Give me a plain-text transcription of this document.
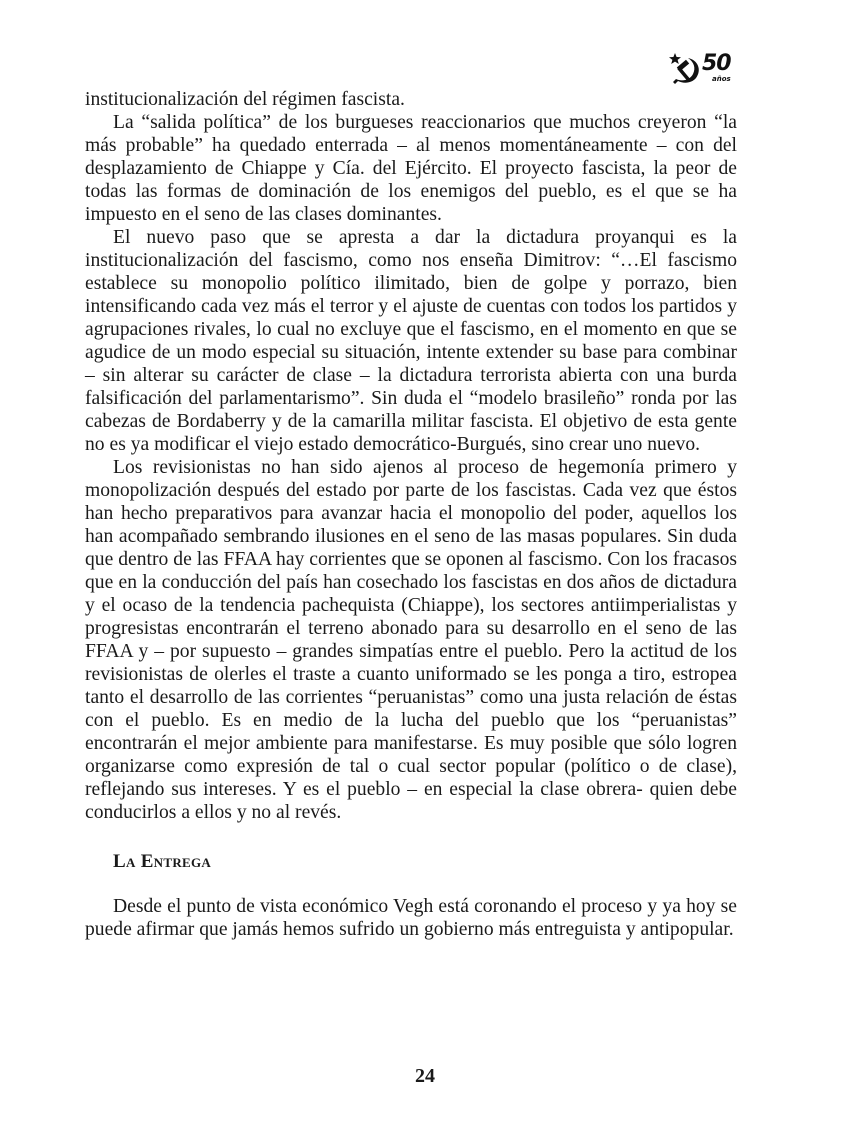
50
años

institucionalización del régimen fascista.

La “salida política” de los burgueses reaccionarios que muchos creyeron “la más probable” ha quedado enterrada – al menos momentáneamente – con del desplazamiento de Chiappe y Cía. del Ejército. El proyecto fascista, la peor de todas las formas de dominación de los enemigos del pueblo, es el que se ha impuesto en el seno de las clases dominantes.

El nuevo paso que se apresta a dar la dictadura proyanqui es la institucionalización del fascismo, como nos enseña Dimitrov: “…El fascismo establece su monopolio político ilimitado, bien de golpe y porrazo, bien intensificando cada vez más el terror y el ajuste de cuentas con todos los partidos y agrupaciones rivales, lo cual no excluye que el fascismo, en el momento en que se agudice de un modo especial su situación, intente extender su base para combinar – sin alterar su carácter de clase – la dictadura terrorista abierta con una burda falsificación del parlamentarismo”. Sin duda el “modelo brasileño” ronda por las cabezas de Bordaberry y de la camarilla militar fascista. El objetivo de esta gente no es ya modificar el viejo estado democrático-Burgués, sino crear uno nuevo.

Los revisionistas no han sido ajenos al proceso de hegemonía primero y monopolización después del estado por parte de los fascistas. Cada vez que éstos han hecho preparativos para avanzar hacia el monopolio del poder, aquellos los han acompañado sembrando ilusiones en el seno de las masas populares. Sin duda que dentro de las FFAA hay corrientes que se oponen al fascismo. Con los fracasos que en la conducción del país han cosechado los fascistas en dos años de dictadura y el ocaso de la tendencia pachequista (Chiappe), los sectores antiimperialistas y progresistas encontrarán el terreno abonado para su desarrollo en el seno de las FFAA y – por supuesto – grandes simpatías entre el pueblo. Pero la actitud de los revisionistas de olerles el traste a cuanto uniformado se les ponga a tiro, estropea tanto el desarrollo de las corrientes “peruanistas” como una justa relación de éstas con el pueblo. Es en medio de la lucha del pueblo que los “peruanistas” encontrarán el mejor ambiente para manifestarse. Es muy posible que sólo logren organizarse como expresión de tal o cual sector popular (político o de clase), reflejando sus intereses. Y es el pueblo – en especial la clase obrera- quien debe conducirlos a ellos y no al revés.

La Entrega

Desde el punto de vista económico Vegh está coronando el proceso y ya hoy se puede afirmar que jamás hemos sufrido un gobierno más entreguista y antipopular.

24
